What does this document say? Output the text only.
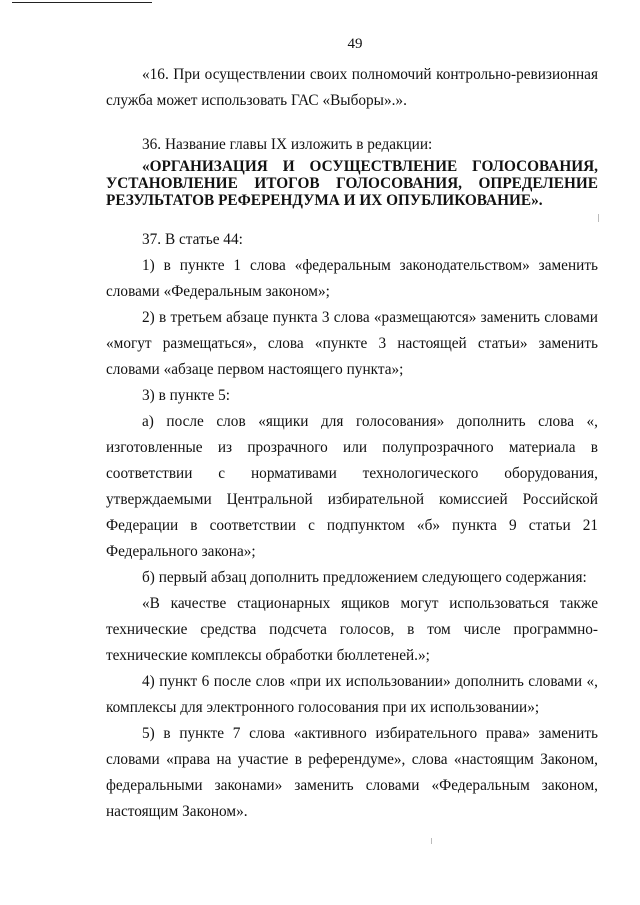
49

«16. При осуществлении своих полномочий контрольно-ревизионная служба может использовать ГАС «Выборы».».

36. Название главы IX изложить в редакции:

«ОРГАНИЗАЦИЯ И ОСУЩЕСТВЛЕНИЕ ГОЛОСОВАНИЯ, УСТАНОВЛЕНИЕ ИТОГОВ ГОЛОСОВАНИЯ, ОПРЕДЕЛЕНИЕ РЕЗУЛЬТАТОВ РЕФЕРЕНДУМА И ИХ ОПУБЛИКОВАНИЕ».

37. В статье 44:

1) в пункте 1 слова «федеральным законодательством» заменить словами «Федеральным законом»;

2) в третьем абзаце пункта 3 слова «размещаются» заменить словами «могут размещаться», слова «пункте 3 настоящей статьи» заменить словами «абзаце первом настоящего пункта»;

3) в пункте 5:

а) после слов «ящики для голосования» дополнить слова «, изготовленные из прозрачного или полупрозрачного материала в соответствии с нормативами технологического оборудования, утверждаемыми Центральной избирательной комиссией Российской Федерации в соответствии с подпунктом «б» пункта 9 статьи 21 Федерального закона»;

б) первый абзац дополнить предложением следующего содержания:

«В качестве стационарных ящиков могут использоваться также технические средства подсчета голосов, в том числе программно-технические комплексы обработки бюллетеней.»;

4) пункт 6 после слов «при их использовании» дополнить словами «, комплексы для электронного голосования при их использовании»;

5) в пункте 7 слова «активного избирательного права» заменить словами «права на участие в референдуме», слова «настоящим Законом, федеральными законами» заменить словами «Федеральным законом, настоящим Законом».
